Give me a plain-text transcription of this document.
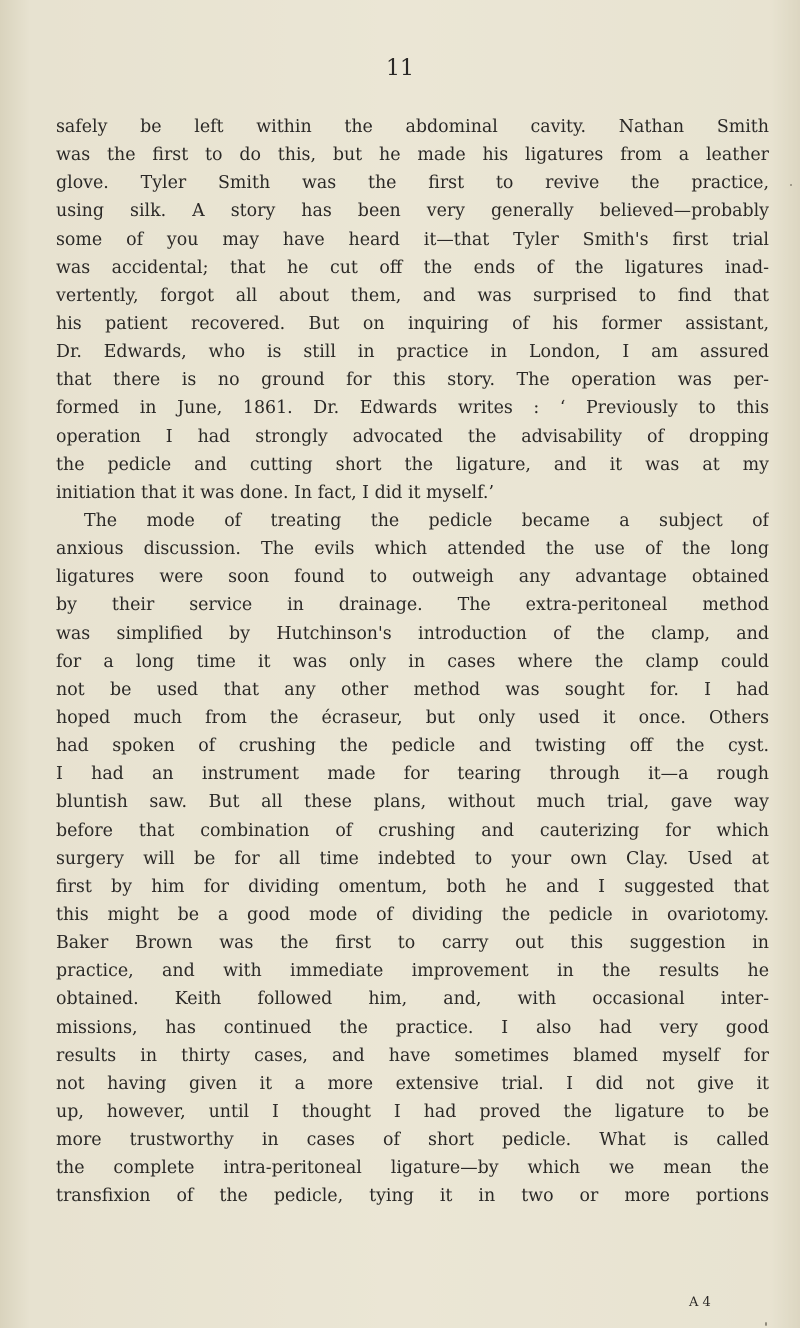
11
safely be left within the abdominal cavity. Nathan Smith
was the first to do this, but he made his ligatures from a leather
glove. Tyler Smith was the first to revive the practice,
using silk. A story has been very generally believed—probably
some of you may have heard it—that Tyler Smith's first trial
was accidental; that he cut off the ends of the ligatures inad-
vertently, forgot all about them, and was surprised to find that
his patient recovered. But on inquiring of his former assistant,
Dr. Edwards, who is still in practice in London, I am assured
that there is no ground for this story. The operation was per-
formed in June, 1861. Dr. Edwards writes : ‘ Previously to this
operation I had strongly advocated the advisability of dropping
the pedicle and cutting short the ligature, and it was at my
initiation that it was done. In fact, I did it myself.’
The mode of treating the pedicle became a subject of
anxious discussion. The evils which attended the use of the long
ligatures were soon found to outweigh any advantage obtained
by their service in drainage. The extra-peritoneal method
was simplified by Hutchinson's introduction of the clamp, and
for a long time it was only in cases where the clamp could
not be used that any other method was sought for. I had
hoped much from the écraseur, but only used it once. Others
had spoken of crushing the pedicle and twisting off the cyst.
I had an instrument made for tearing through it—a rough
bluntish saw. But all these plans, without much trial, gave way
before that combination of crushing and cauterizing for which
surgery will be for all time indebted to your own Clay. Used at
first by him for dividing omentum, both he and I suggested that
this might be a good mode of dividing the pedicle in ovariotomy.
Baker Brown was the first to carry out this suggestion in
practice, and with immediate improvement in the results he
obtained. Keith followed him, and, with occasional inter-
missions, has continued the practice. I also had very good
results in thirty cases, and have sometimes blamed myself for
not having given it a more extensive trial. I did not give it
up, however, until I thought I had proved the ligature to be
more trustworthy in cases of short pedicle. What is called
the complete intra-peritoneal ligature—by which we mean the
transfixion of the pedicle, tying it in two or more portions
A 4
